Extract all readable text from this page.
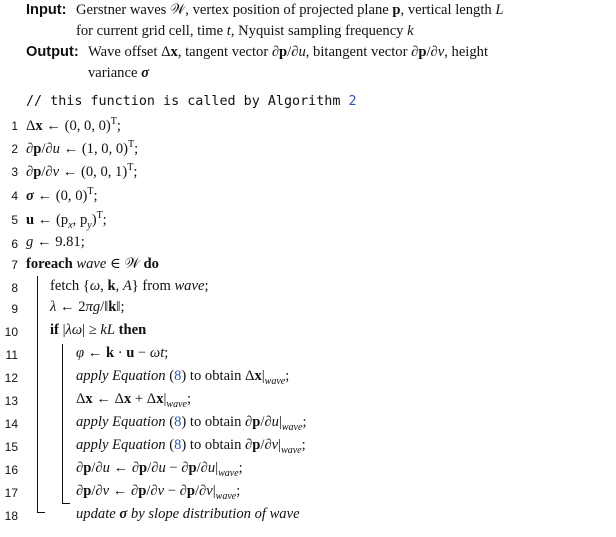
Input: Gerstner waves 𝒲, vertex position of projected plane p, vertical length L
for current grid cell, time t, Nyquist sampling frequency k
Output: Wave offset Δx, tangent vector ∂p/∂u, bitangent vector ∂p/∂v, height
variance σ
// this function is called by Algorithm 2
1 Δx ← (0, 0, 0)$^T$;
2 ∂p/∂u ← (1, 0, 0)$^T$;
3 ∂p/∂v ← (0, 0, 1)$^T$;
4 σ ← (0, 0)$^T$;
5 u ← ($p_x$, $p_y)^T$;
6 g ← 9.81;
7 foreach wave ∈ 𝒲 do
8 fetch {ω, k, A} from wave;
9 λ ← 2πg/‖k‖;
10 if |λω| ≥ kL then
11	φ ← k · u − ωt;
12	apply Equation (8) to obtain $\Delta x|_{wave}$;
13	Δx ← $\Delta x + \Delta x|_{wave}$;
14	apply Equation (8) to obtain $\partial p/\partial u|_{wave}$;
15	apply Equation (8) to obtain $\partial p/\partial v|_{wave}$;
16	∂p/∂u ← $\partial p/\partial u - \partial p/\partial u|_{wave}$;
17	∂p/∂v ← $\partial p/\partial v - \partial p/\partial v|_{wave}$;
18	update σ by slope distribution of wave
